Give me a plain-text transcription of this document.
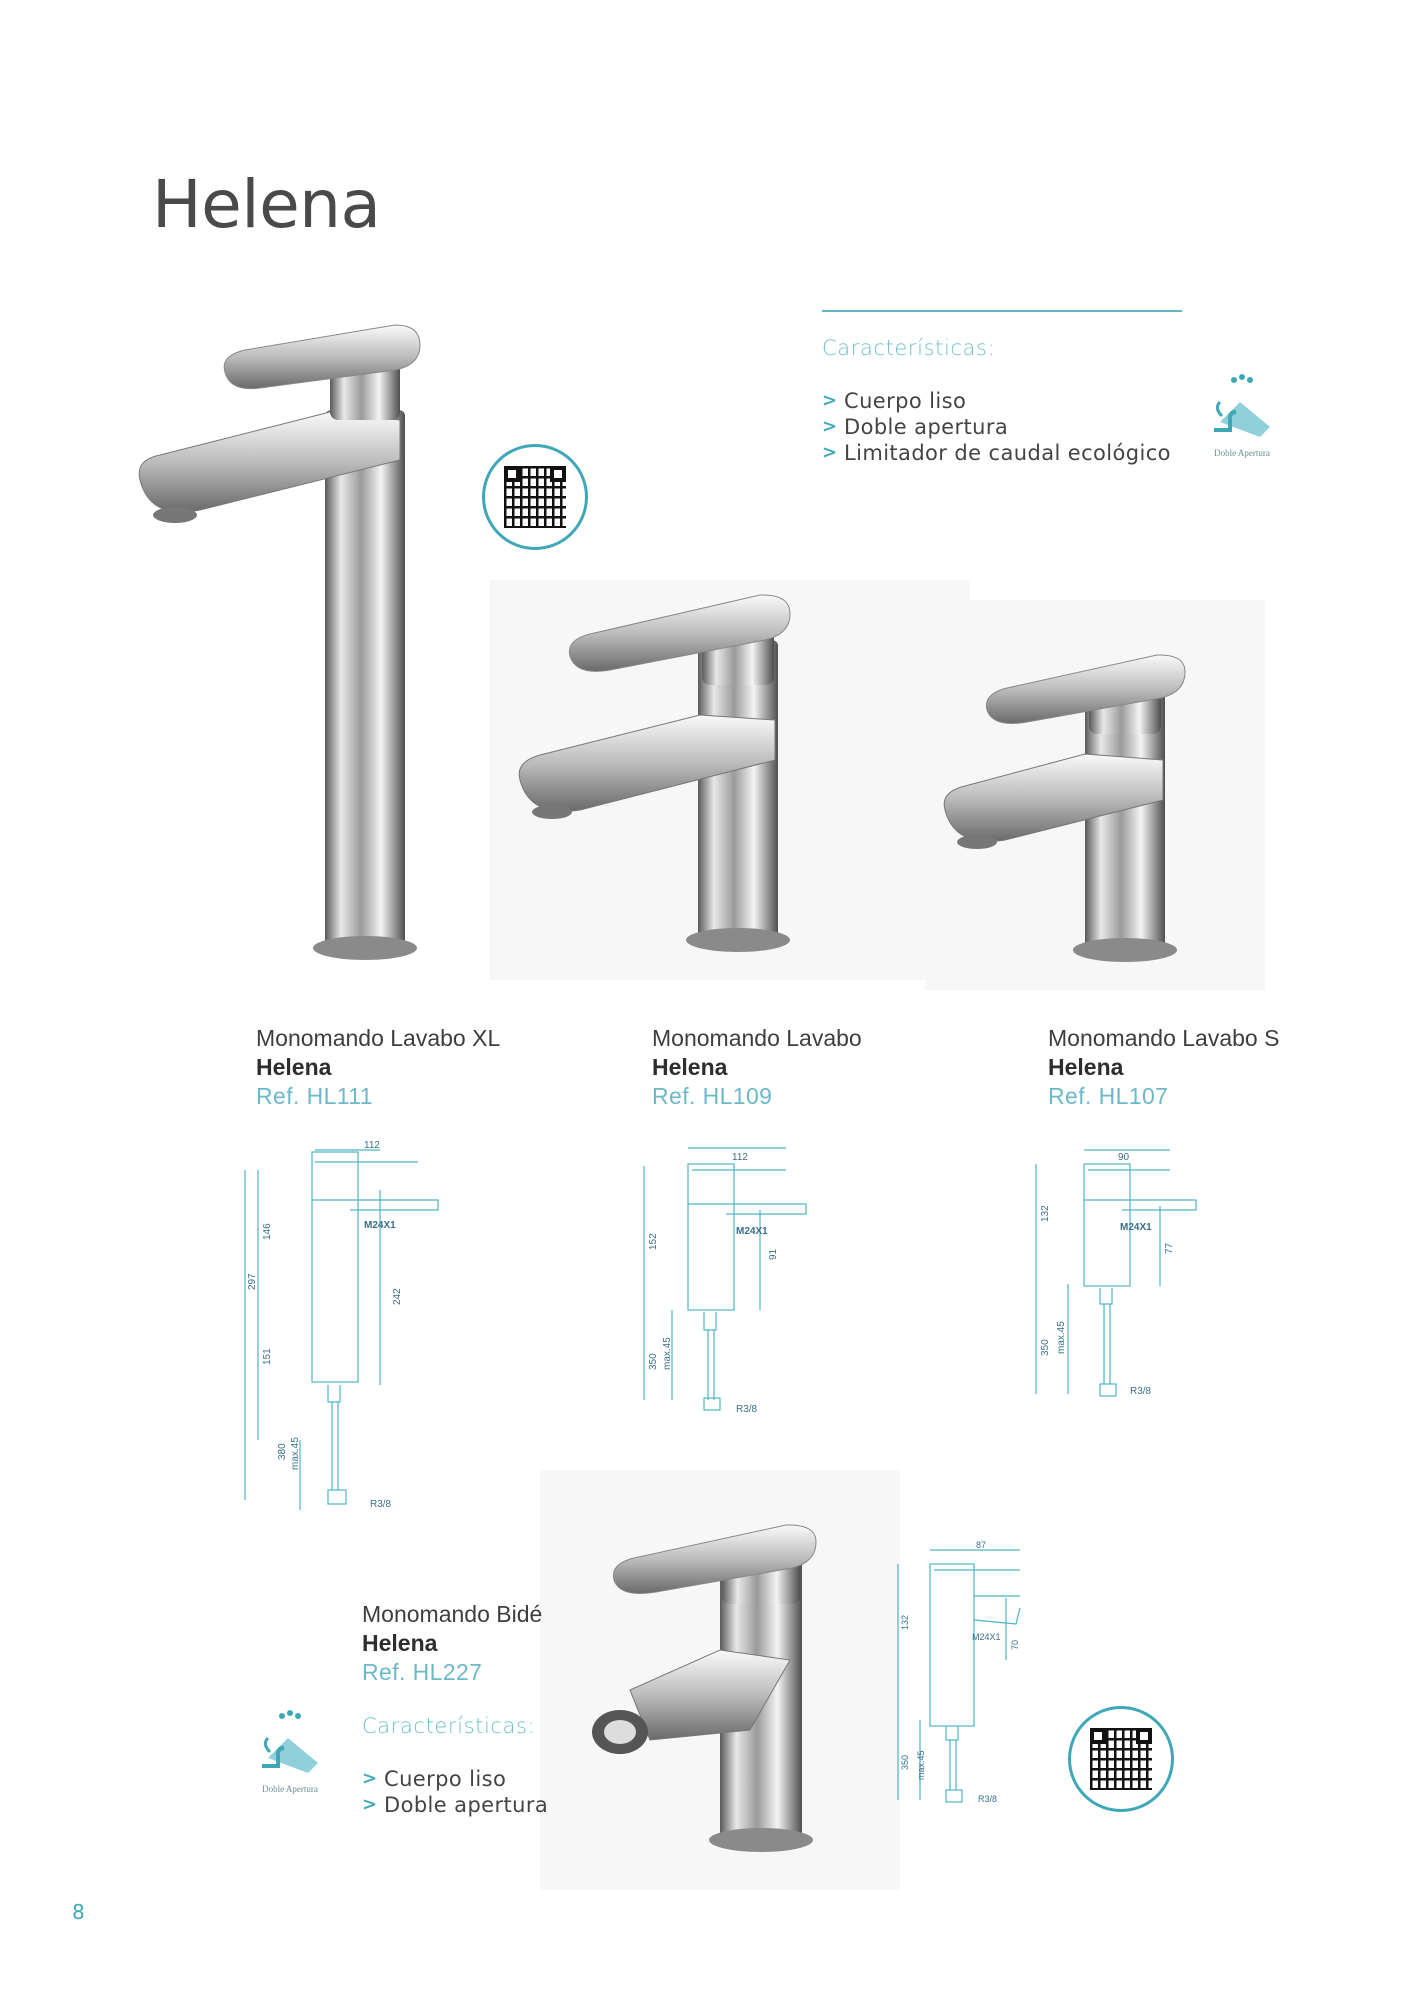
Helena
Características:
> Cuerpo liso
> Doble apertura
> Limitador de caudal ecológico	Doble Apertura
Monomando Lavabo XL
Helena
Ref. HL111
Monomando Lavabo
Helena
Ref. HL109
Monomando Lavabo S
Helena
Ref. HL107
Monomando Bidé
Helena
Ref. HL227
112
M24X1
146
297
151
242
380 max.45
R3/8
112
M24X1
152
91
350 max.45
R3/8
90
M24X1
132
77
350 max.45
R3/8
87
M24X1
132
70
350 max.45
R3/8
Características:
> Cuerpo liso
> Doble apertura
Doble Apertura
8
